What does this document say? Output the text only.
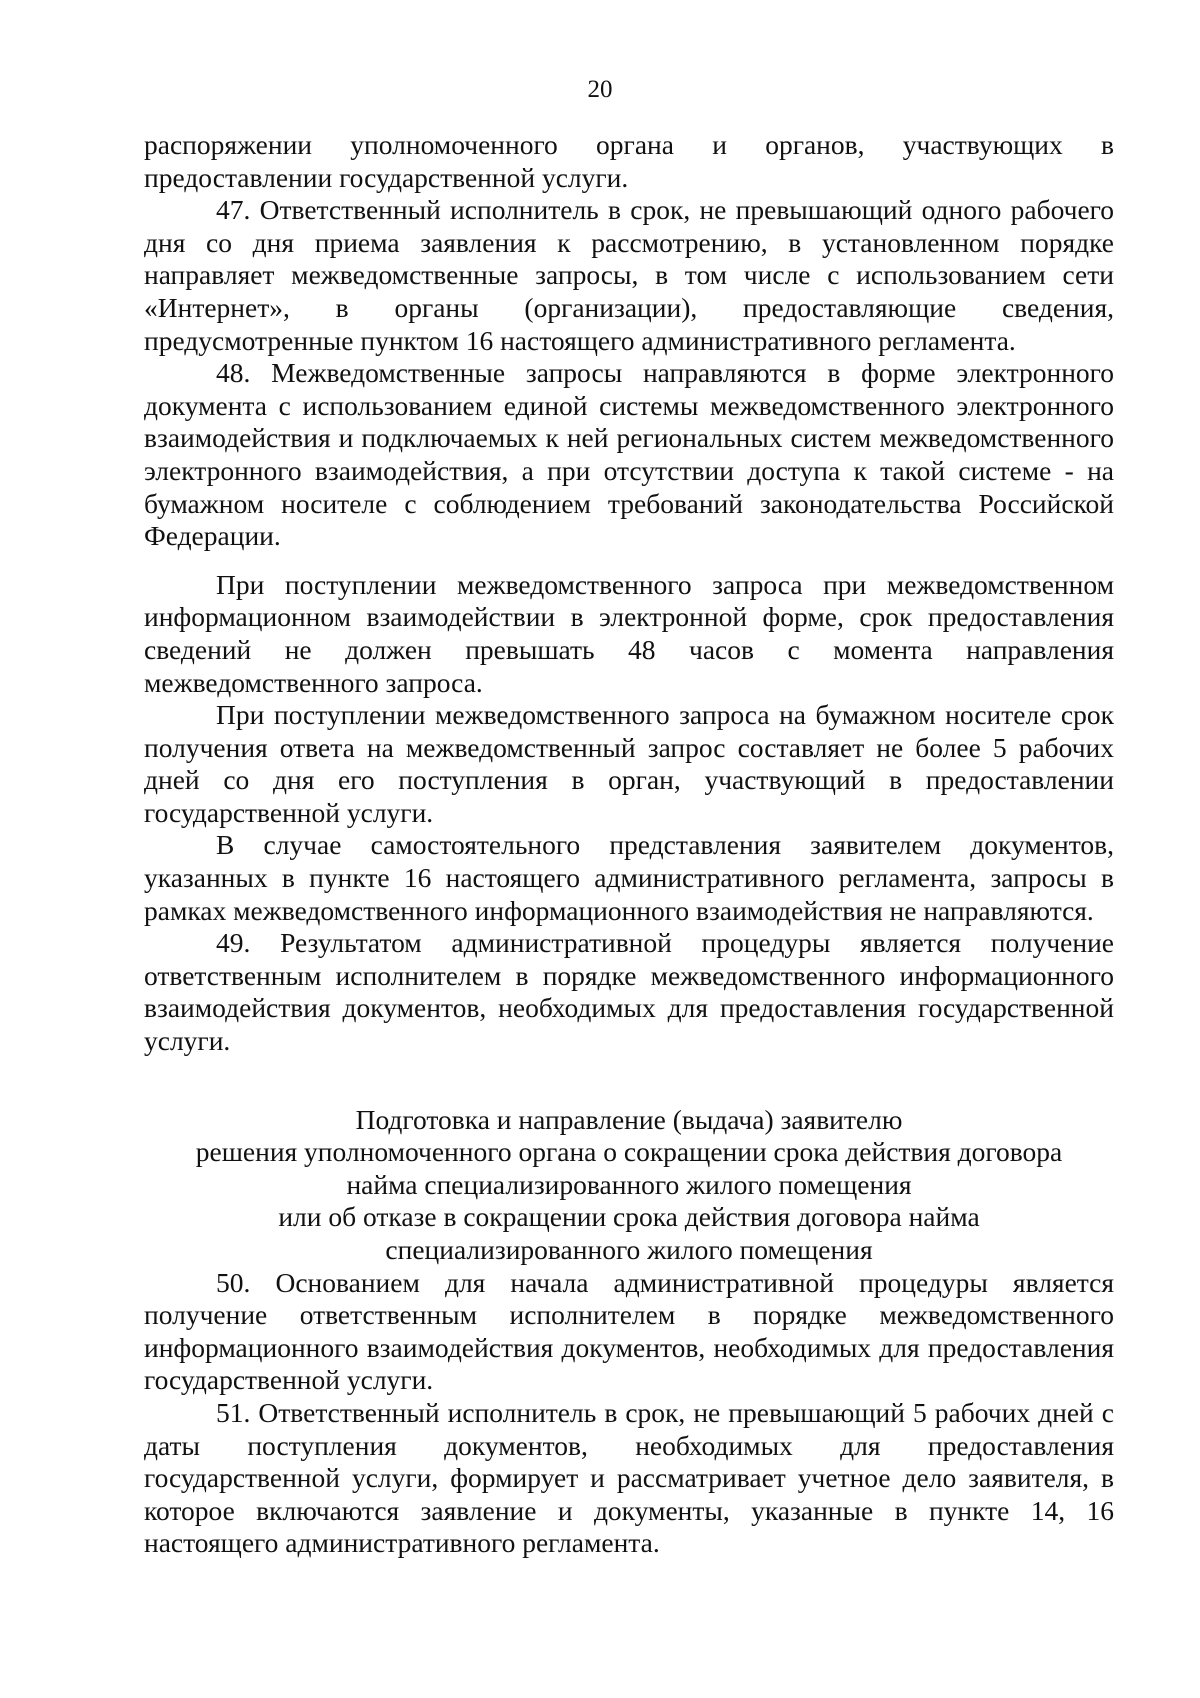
20

распоряжении уполномоченного органа и органов, участвующих в предоставлении государственной услуги.

47. Ответственный исполнитель в срок, не превышающий одного рабочего дня со дня приема заявления к рассмотрению, в установленном порядке направляет межведомственные запросы, в том числе с использованием сети «Интернет», в органы (организации), предоставляющие сведения, предусмотренные пунктом 16 настоящего административного регламента.

48. Межведомственные запросы направляются в форме электронного документа с использованием единой системы межведомственного электронного взаимодействия и подключаемых к ней региональных систем межведомственного электронного взаимодействия, а при отсутствии доступа к такой системе - на бумажном носителе с соблюдением требований законодательства Российской Федерации.

При поступлении межведомственного запроса при межведомственном информационном взаимодействии в электронной форме, срок предоставления сведений не должен превышать 48 часов с момента направления межведомственного запроса.

При поступлении межведомственного запроса на бумажном носителе срок получения ответа на межведомственный запрос составляет не более 5 рабочих дней со дня его поступления в орган, участвующий в предоставлении государственной услуги.

В случае самостоятельного представления заявителем документов, указанных в пункте 16 настоящего административного регламента, запросы в рамках межведомственного информационного взаимодействия не направляются.

49. Результатом административной процедуры является получение ответственным исполнителем в порядке межведомственного информационного взаимодействия документов, необходимых для предоставления государственной услуги.

Подготовка и направление (выдача) заявителю
решения уполномоченного органа о сокращении срока действия договора
найма специализированного жилого помещения
или об отказе в сокращении срока действия договора найма
специализированного жилого помещения

50. Основанием для начала административной процедуры является получение ответственным исполнителем в порядке межведомственного информационного взаимодействия документов, необходимых для предоставления государственной услуги.

51. Ответственный исполнитель в срок, не превышающий 5 рабочих дней с даты поступления документов, необходимых для предоставления государственной услуги, формирует и рассматривает учетное дело заявителя, в которое включаются заявление и документы, указанные в пункте 14, 16 настоящего административного регламента.
